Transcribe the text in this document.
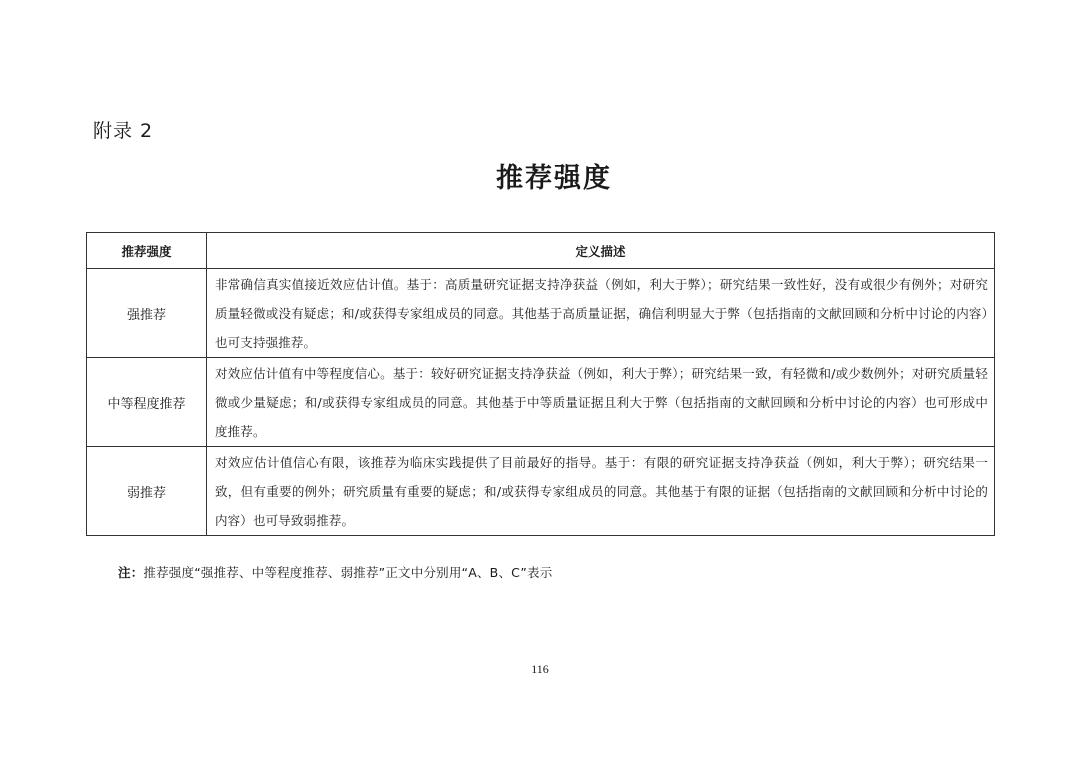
附录 2
推荐强度
推荐强度	定义描述
强推荐	非常确信真实值接近效应估计值。基于：高质量研究证据支持净获益（例如，利大于弊）；研究结果一致性好，没有或很少有例外；对研究质量轻微或没有疑虑；和/或获得专家组成员的同意。其他基于高质量证据，确信利明显大于弊（包括指南的文献回顾和分析中讨论的内容）也可支持强推荐。
中等程度推荐	对效应估计值有中等程度信心。基于：较好研究证据支持净获益（例如，利大于弊）；研究结果一致，有轻微和/或少数例外；对研究质量轻微或少量疑虑；和/或获得专家组成员的同意。其他基于中等质量证据且利大于弊（包括指南的文献回顾和分析中讨论的内容）也可形成中度推荐。
弱推荐	对效应估计值信心有限，该推荐为临床实践提供了目前最好的指导。基于：有限的研究证据支持净获益（例如，利大于弊）；研究结果一致，但有重要的例外；研究质量有重要的疑虑；和/或获得专家组成员的同意。其他基于有限的证据（包括指南的文献回顾和分析中讨论的内容）也可导致弱推荐。
注：推荐强度“强推荐、中等程度推荐、弱推荐”正文中分别用“A、B、C”表示
116
